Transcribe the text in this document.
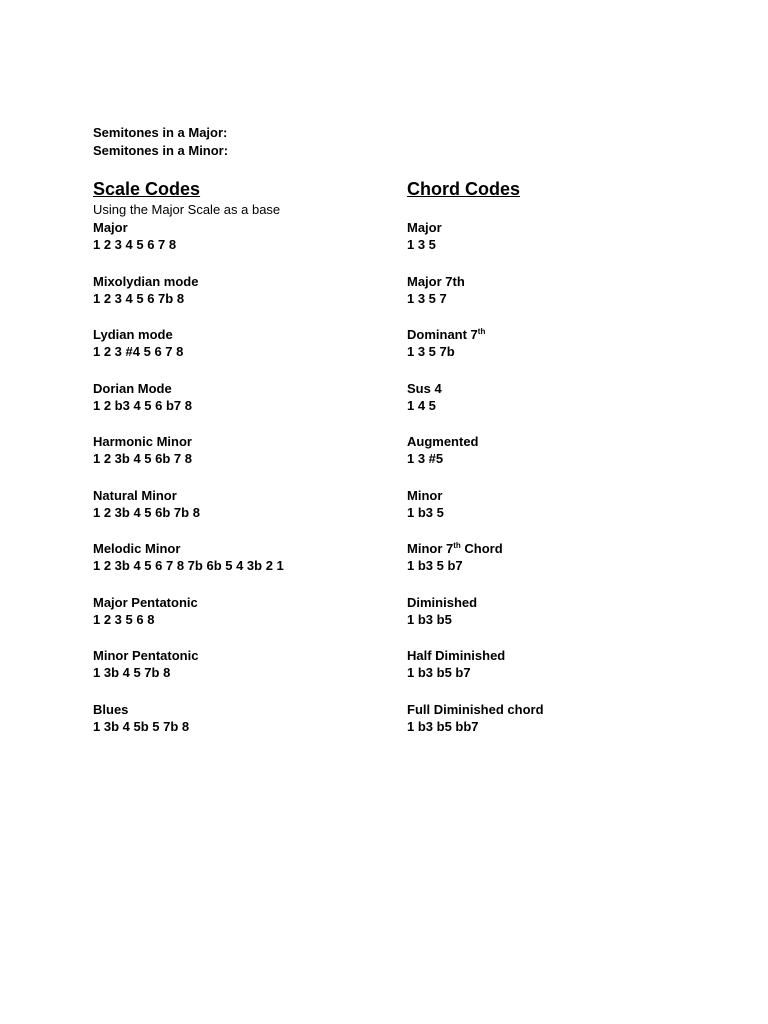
Semitones in a Major:
Semitones in a Minor:
Scale Codes
Using the Major Scale as a base
Major
1 2 3 4 5 6 7 8
Mixolydian mode
1 2 3 4 5 6 7b 8
Lydian mode
1 2 3 #4 5 6 7 8
Dorian Mode
1 2 b3 4 5 6 b7 8
Harmonic Minor
1 2 3b 4 5 6b 7 8
Natural Minor
1 2 3b 4 5 6b 7b 8
Melodic Minor
1 2 3b 4 5 6 7 8 7b 6b 5 4 3b 2 1
Major Pentatonic
1 2 3 5 6 8
Minor Pentatonic
1 3b 4 5 7b 8
Blues
1 3b 4 5b 5 7b 8
Chord Codes
Major
1 3 5
Major 7th
1 3 5 7
Dominant 7th
1 3 5 7b
Sus 4
1 4 5
Augmented
1 3 #5
Minor
1 b3 5
Minor 7th Chord
1 b3 5 b7
Diminished
1 b3 b5
Half Diminished
1 b3 b5 b7
Full Diminished chord
1 b3 b5 bb7
